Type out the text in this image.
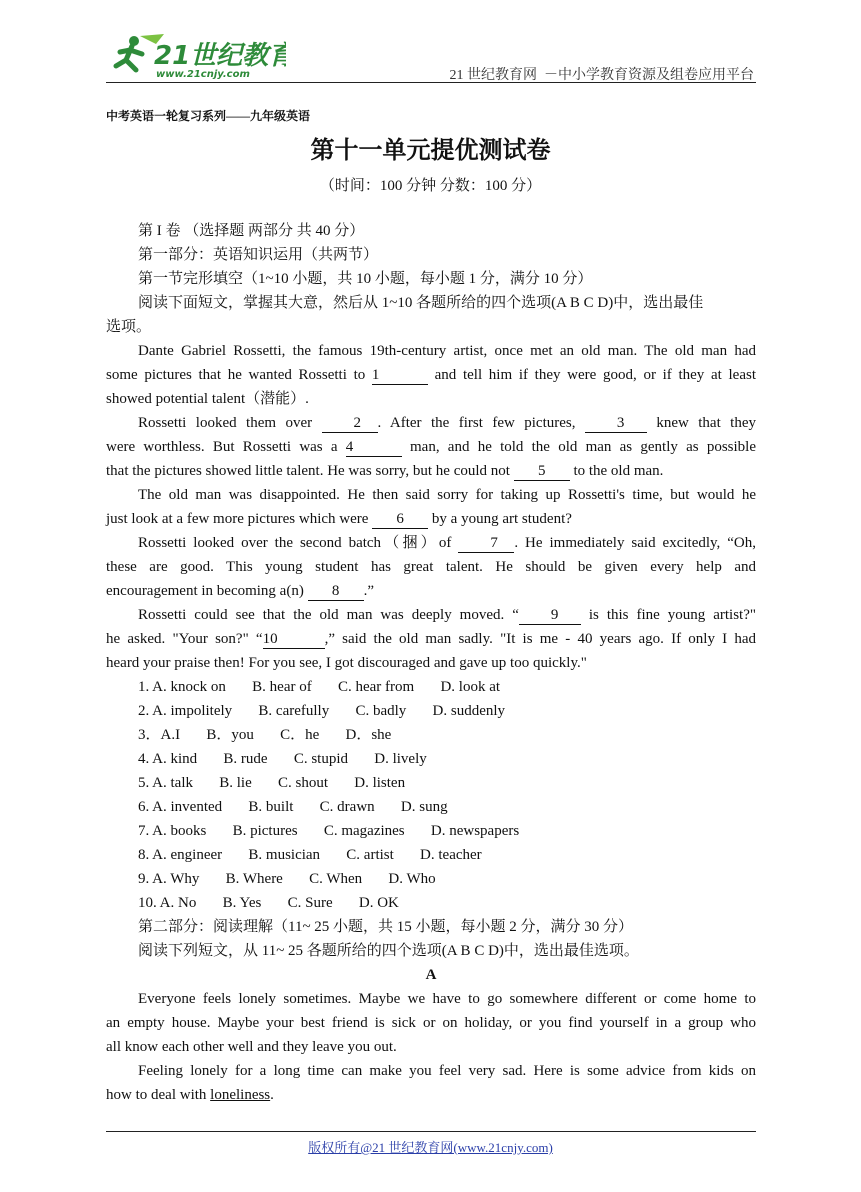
21世纪教育
www.21cnjy.com	21 世纪教育网  －中小学教育资源及组卷应用平台
中考英语一轮复习系列——九年级英语
第十一单元提优测试卷
（时间：100 分钟 分数：100 分）

第 I 卷 （选择题 两部分 共 40 分）

第一部分：英语知识运用（共两节）

第一节完形填空（1~10 小题，共 10 小题，每小题 1 分，满分 10 分）

阅读下面短文，掌握其大意，然后从 1~10 各题所给的四个选项(A B C D)中，选出最佳

选项。

Dante Gabriel Rossetti, the famous 19th-century artist, once met an old man. The old man had

some pictures that he wanted Rossetti to 1	and tell him if they were good, or if they at least

showed potential talent（潜能）.

Rossetti looked them over 2 . After the first few pictures, 3 knew that they

were worthless. But Rossetti was a 4	man, and he told the old man as gently as possible

that the pictures showed little talent. He was sorry, but he could not 5 to the old man.

The old man was disappointed. He then said sorry for taking up Rossetti's time, but would he

just look at a few more pictures which were 6 by a young art student?

Rossetti looked over the second batch（捆）of 7 . He immediately said excitedly, “Oh,

these are good. This young student has great talent. He should be given every help and

encouragement in becoming a(n) 8 .”

Rossetti could see that the old man was deeply moved. “ 9 is this fine young artist?"

he asked. "Your son?" “10	,” said the old man sadly. "It is me - 40 years ago. If only I had

heard your praise then! For you see, I got discouraged and gave up too quickly."

1. A. knock on       B. hear of       C. hear from       D. look at

2. A. impolitely       B. carefully       C. badly       D. suddenly

3．A.I       B．you       C．he       D．she

4. A. kind       B. rude       C. stupid       D. lively

5. A. talk       B. lie       C. shout       D. listen

6. A. invented       B. built       C. drawn       D. sung

7. A. books       B. pictures       C. magazines       D. newspapers

8. A. engineer       B. musician       C. artist       D. teacher

9. A. Why       B. Where       C. When       D. Who

10. A. No       B. Yes       C. Sure       D. OK

第二部分：阅读理解（11~ 25 小题，共 15 小题，每小题 2 分，满分 30 分）

阅读下列短文，从 11~ 25 各题所给的四个选项(A B C D)中，选出最佳选项。

A

Everyone feels lonely sometimes. Maybe we have to go somewhere different or come home to

an empty house. Maybe your best friend is sick or on holiday, or you find yourself in a group who

all know each other well and they leave you out.

Feeling lonely for a long time can make you feel very sad. Here is some advice from kids on

how to deal with loneliness.

版权所有@21 世纪教育网(www.21cnjy.com)
